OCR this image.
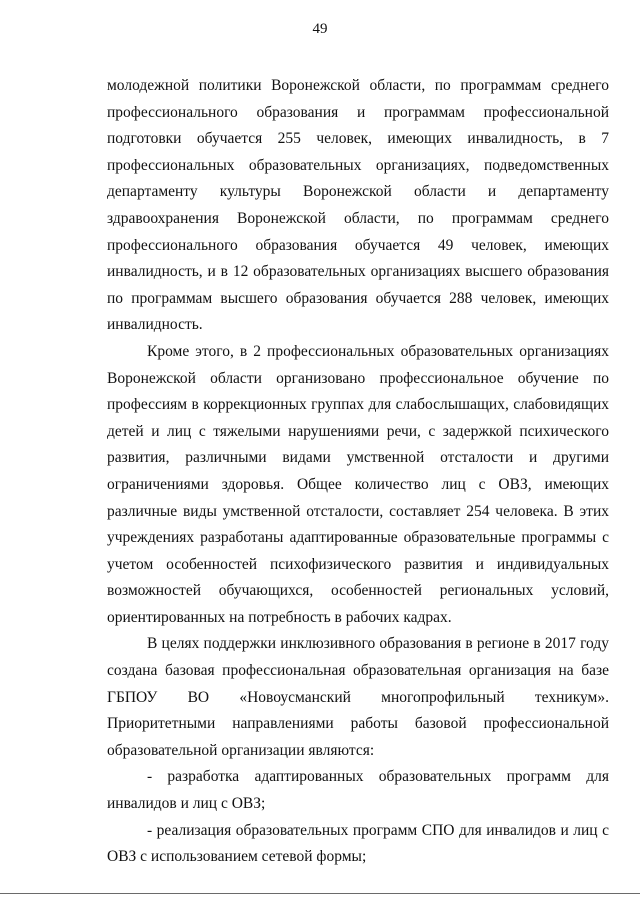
49

молодежной политики Воронежской области, по программам среднего профессионального образования и программам профессиональной подготовки обучается 255 человек, имеющих инвалидность, в 7 профессиональных образовательных организациях, подведомственных департаменту культуры Воронежской области и департаменту здравоохранения Воронежской области, по программам среднего профессионального образования обучается 49 человек, имеющих инвалидность, и в 12 образовательных организациях высшего образования по программам высшего образования обучается 288 человек, имеющих инвалидность.

Кроме этого, в 2 профессиональных образовательных организациях Воронежской области организовано профессиональное обучение по профессиям в коррекционных группах для слабослышащих, слабовидящих детей и лиц с тяжелыми нарушениями речи, с задержкой психического развития, различными видами умственной отсталости и другими ограничениями здоровья. Общее количество лиц с ОВЗ, имеющих различные виды умственной отсталости, составляет 254 человека. В этих учреждениях разработаны адаптированные образовательные программы с учетом особенностей психофизического развития и индивидуальных возможностей обучающихся, особенностей региональных условий, ориентированных на потребность в рабочих кадрах.

В целях поддержки инклюзивного образования в регионе в 2017 году создана базовая профессиональная образовательная организация на базе ГБПОУ ВО «Новоусманский многопрофильный техникум». Приоритетными направлениями работы базовой профессиональной образовательной организации являются:

- разработка адаптированных образовательных программ для инвалидов и лиц с ОВЗ;

- реализация образовательных программ СПО для инвалидов и лиц с ОВЗ с использованием сетевой формы;
